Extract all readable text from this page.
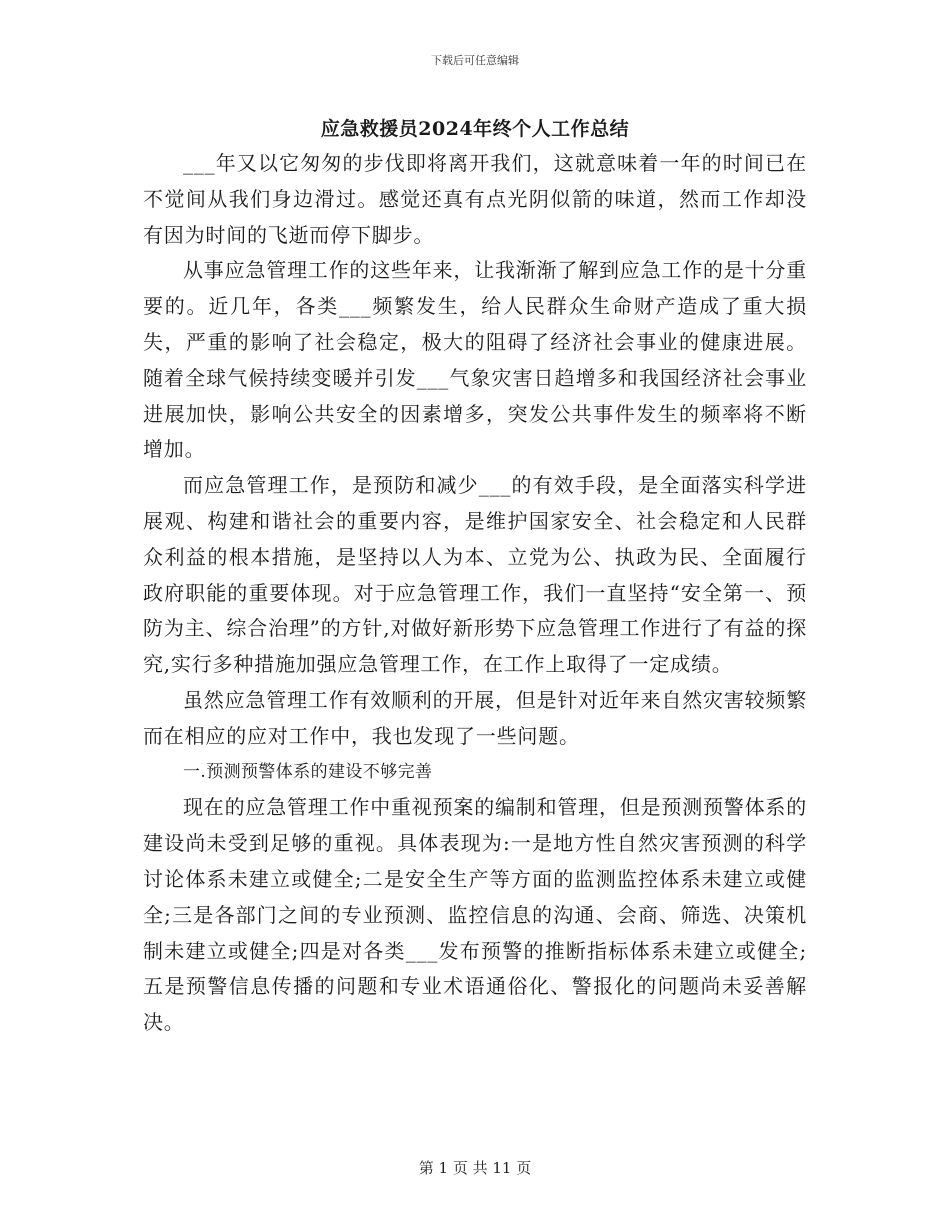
下载后可任意编辑
应急救援员2024年终个人工作总结

___年又以它匆匆的步伐即将离开我们，这就意味着一年的时间已在不觉间从我们身边滑过。感觉还真有点光阴似箭的味道，然而工作却没有因为时间的飞逝而停下脚步。

从事应急管理工作的这些年来，让我渐渐了解到应急工作的是十分重要的。近几年，各类___频繁发生，给人民群众生命财产造成了重大损失，严重的影响了社会稳定，极大的阻碍了经济社会事业的健康进展。随着全球气候持续变暖并引发___气象灾害日趋增多和我国经济社会事业进展加快，影响公共安全的因素增多，突发公共事件发生的频率将不断增加。

而应急管理工作，是预防和减少___的有效手段，是全面落实科学进展观、构建和谐社会的重要内容，是维护国家安全、社会稳定和人民群众利益的根本措施，是坚持以人为本、立党为公、执政为民、全面履行政府职能的重要体现。对于应急管理工作，我们一直坚持“安全第一、预防为主、综合治理”的方针,对做好新形势下应急管理工作进行了有益的探究,实行多种措施加强应急管理工作，在工作上取得了一定成绩。

虽然应急管理工作有效顺利的开展，但是针对近年来自然灾害较频繁而在相应的应对工作中，我也发现了一些问题。

一.预测预警体系的建设不够完善

现在的应急管理工作中重视预案的编制和管理，但是预测预警体系的建设尚未受到足够的重视。具体表现为:一是地方性自然灾害预测的科学讨论体系未建立或健全;二是安全生产等方面的监测监控体系未建立或健全;三是各部门之间的专业预测、监控信息的沟通、会商、筛选、决策机制未建立或健全;四是对各类___发布预警的推断指标体系未建立或健全;五是预警信息传播的问题和专业术语通俗化、警报化的问题尚未妥善解决。

第 1 页 共 11 页
